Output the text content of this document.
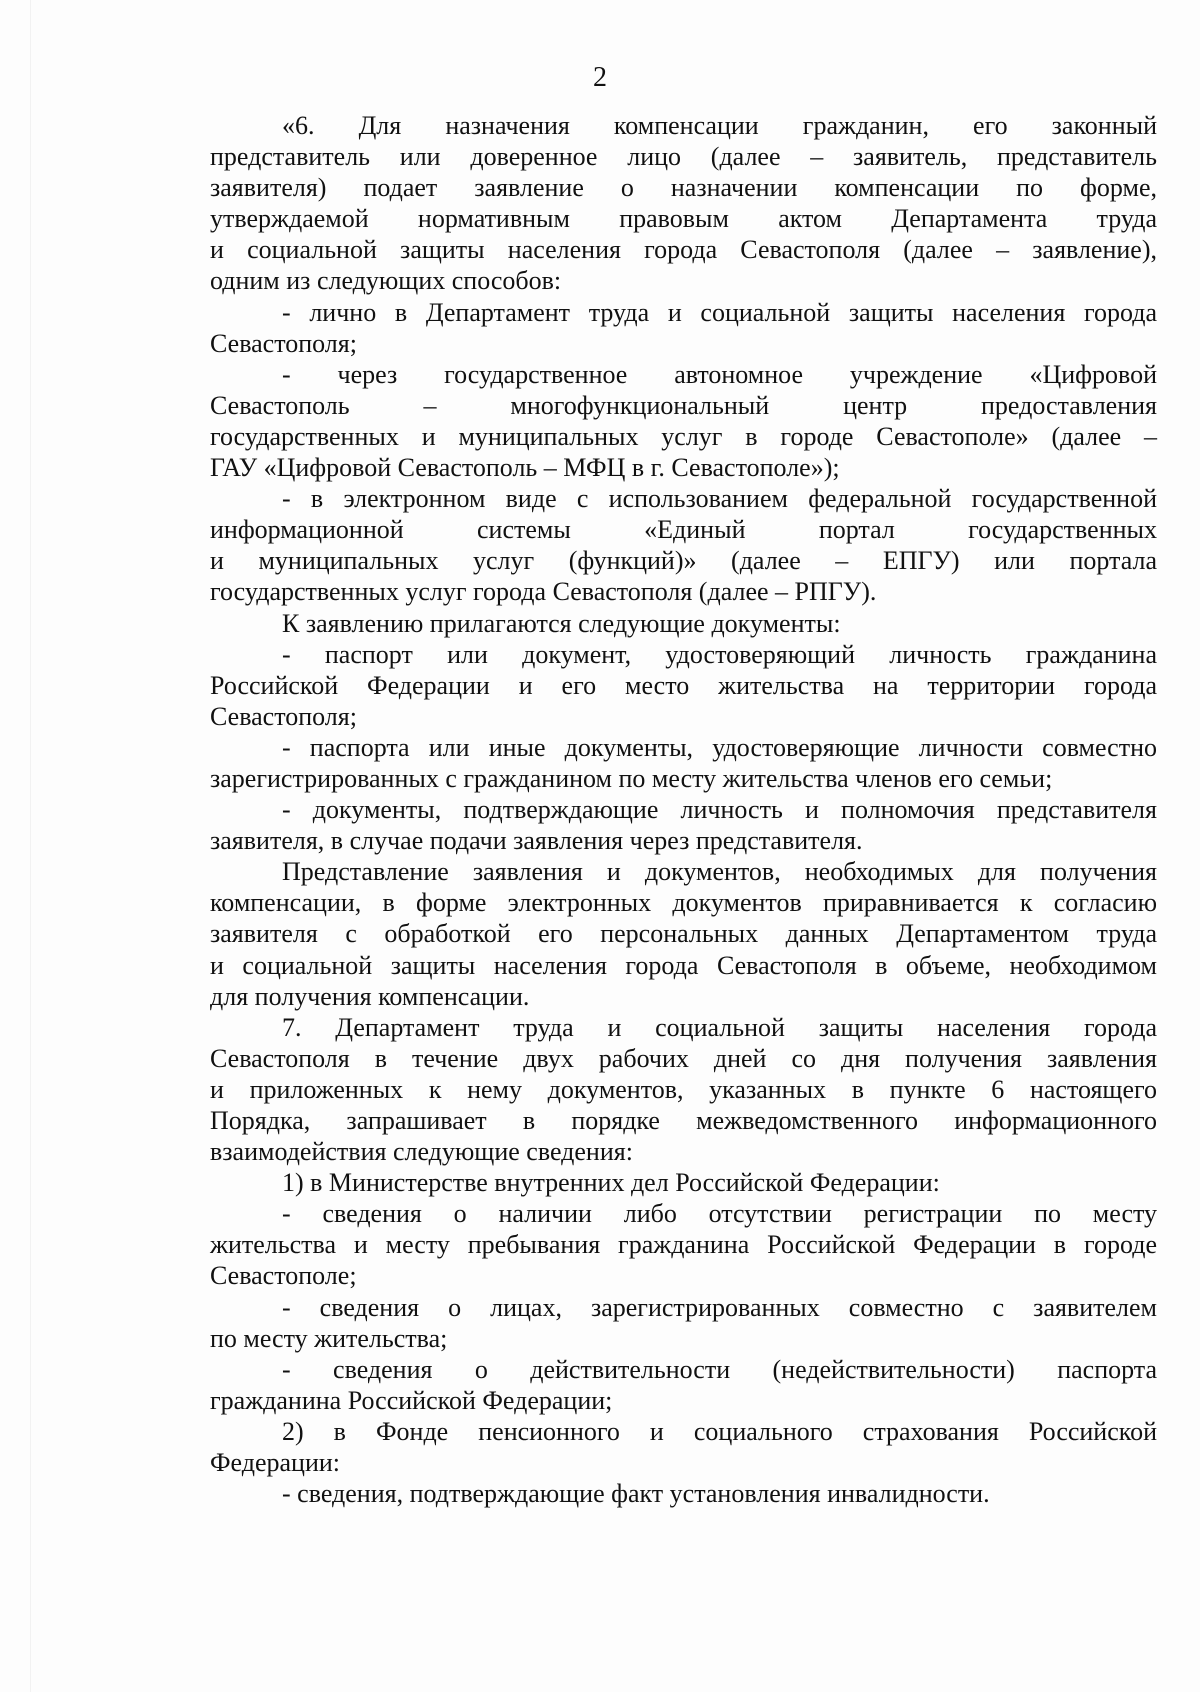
2
«6. Для назначения компенсации гражданин, его законный
представитель или доверенное лицо (далее – заявитель, представитель
заявителя) подает заявление о назначении компенсации по форме,
утверждаемой нормативным правовым актом Департамента труда
и социальной защиты населения города Севастополя (далее – заявление),
одним из следующих способов:
- лично в Департамент труда и социальной защиты населения города
Севастополя;
- через государственное автономное учреждение «Цифровой
Севастополь – многофункциональный центр предоставления
государственных и муниципальных услуг в городе Севастополе» (далее –
ГАУ «Цифровой Севастополь – МФЦ в г. Севастополе»);
- в электронном виде с использованием федеральной государственной
информационной системы «Единый портал государственных
и муниципальных услуг (функций)» (далее – ЕПГУ) или портала
государственных услуг города Севастополя (далее – РПГУ).
К заявлению прилагаются следующие документы:
- паспорт или документ, удостоверяющий личность гражданина
Российской Федерации и его место жительства на территории города
Севастополя;
- паспорта или иные документы, удостоверяющие личности совместно
зарегистрированных с гражданином по месту жительства членов его семьи;
- документы, подтверждающие личность и полномочия представителя
заявителя, в случае подачи заявления через представителя.
Представление заявления и документов, необходимых для получения
компенсации, в форме электронных документов приравнивается к согласию
заявителя с обработкой его персональных данных Департаментом труда
и социальной защиты населения города Севастополя в объеме, необходимом
для получения компенсации.
7. Департамент труда и социальной защиты населения города
Севастополя в течение двух рабочих дней со дня получения заявления
и приложенных к нему документов, указанных в пункте 6 настоящего
Порядка, запрашивает в порядке межведомственного информационного
взаимодействия следующие сведения:
1) в Министерстве внутренних дел Российской Федерации:
- сведения о наличии либо отсутствии регистрации по месту
жительства и месту пребывания гражданина Российской Федерации в городе
Севастополе;
- сведения о лицах, зарегистрированных совместно с заявителем
по месту жительства;
- сведения о действительности (недействительности) паспорта
гражданина Российской Федерации;
2) в Фонде пенсионного и социального страхования Российской
Федерации:
- сведения, подтверждающие факт установления инвалидности.
